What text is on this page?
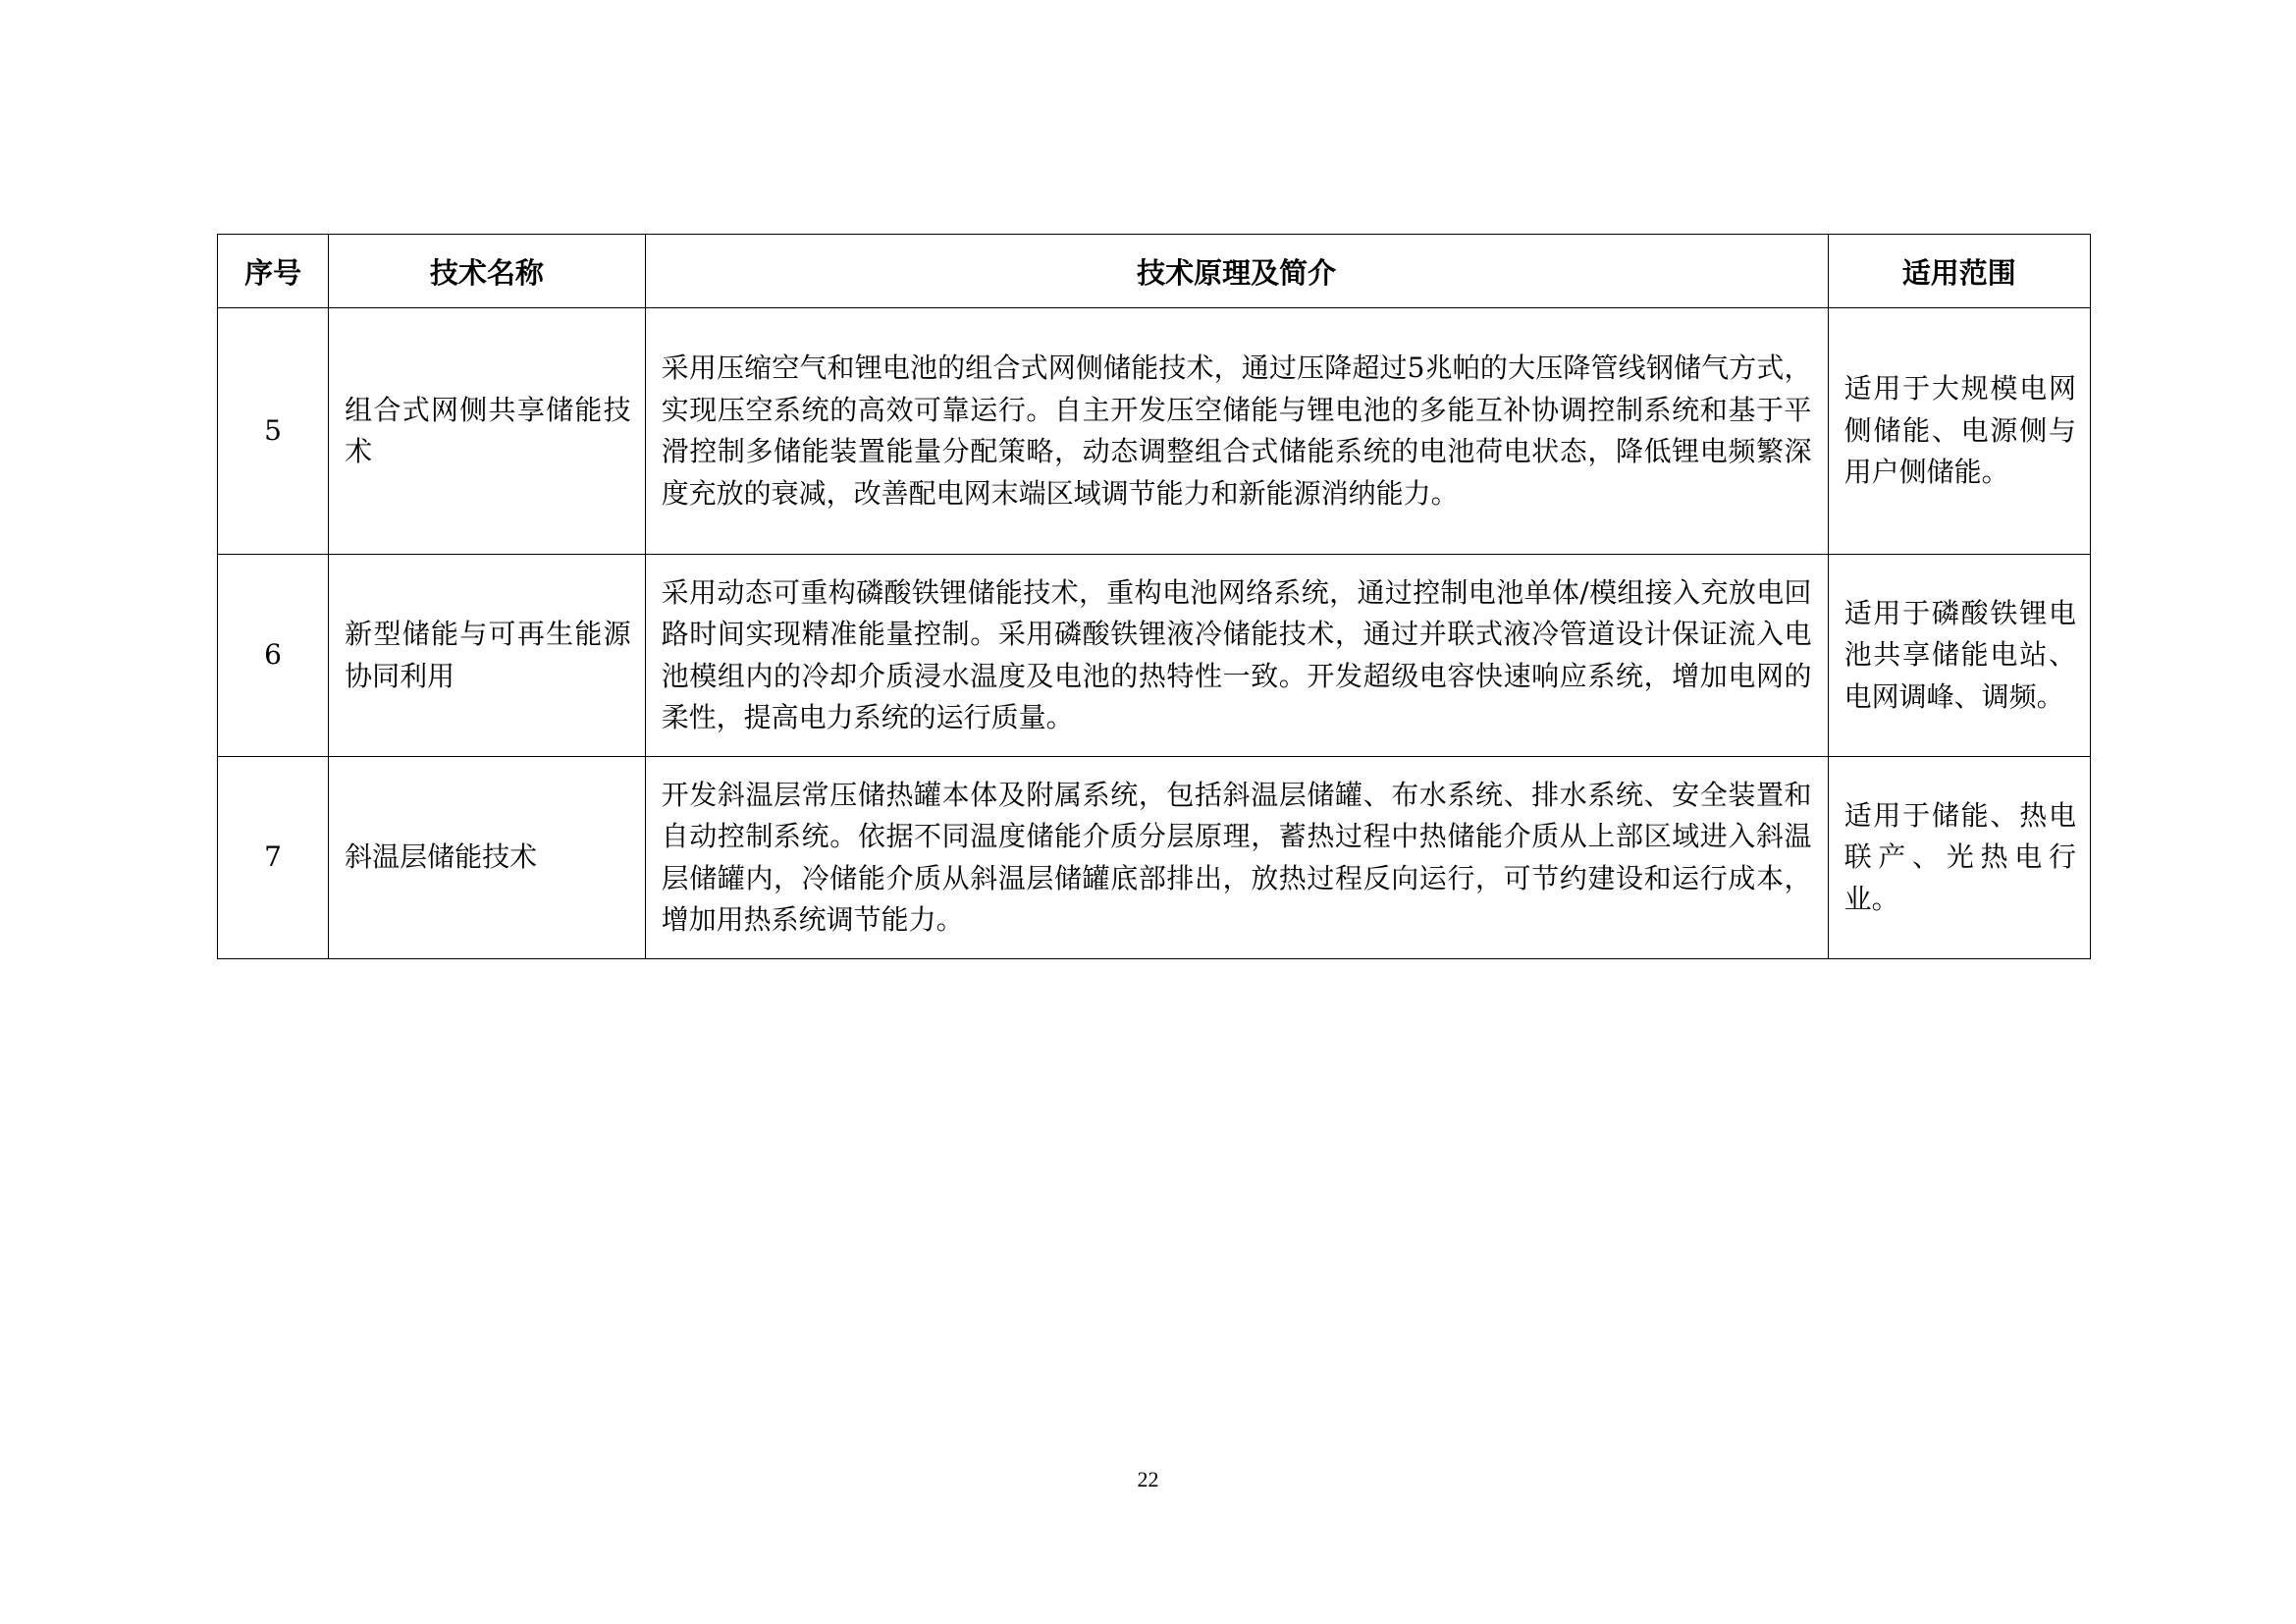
序号	技术名称	技术原理及简介	适用范围
5	组合式网侧共享储能技术	采用压缩空气和锂电池的组合式网侧储能技术，通过压降超过5兆帕的大压降管线钢储气方式，实现压空系统的高效可靠运行。自主开发压空储能与锂电池的多能互补协调控制系统和基于平滑控制多储能装置能量分配策略，动态调整组合式储能系统的电池荷电状态，降低锂电频繁深度充放的衰减，改善配电网末端区域调节能力和新能源消纳能力。	适用于大规模电网侧储能、电源侧与用户侧储能。
6	新型储能与可再生能源协同利用	采用动态可重构磷酸铁锂储能技术，重构电池网络系统，通过控制电池单体/模组接入充放电回路时间实现精准能量控制。采用磷酸铁锂液冷储能技术，通过并联式液冷管道设计保证流入电池模组内的冷却介质浸水温度及电池的热特性一致。开发超级电容快速响应系统，增加电网的柔性，提高电力系统的运行质量。	适用于磷酸铁锂电池共享储能电站、电网调峰、调频。
7	斜温层储能技术	开发斜温层常压储热罐本体及附属系统，包括斜温层储罐、布水系统、排水系统、安全装置和自动控制系统。依据不同温度储能介质分层原理，蓄热过程中热储能介质从上部区域进入斜温层储罐内，冷储能介质从斜温层储罐底部排出，放热过程反向运行，可节约建设和运行成本，增加用热系统调节能力。	适用于储能、热电联产、光热电行业。
22
